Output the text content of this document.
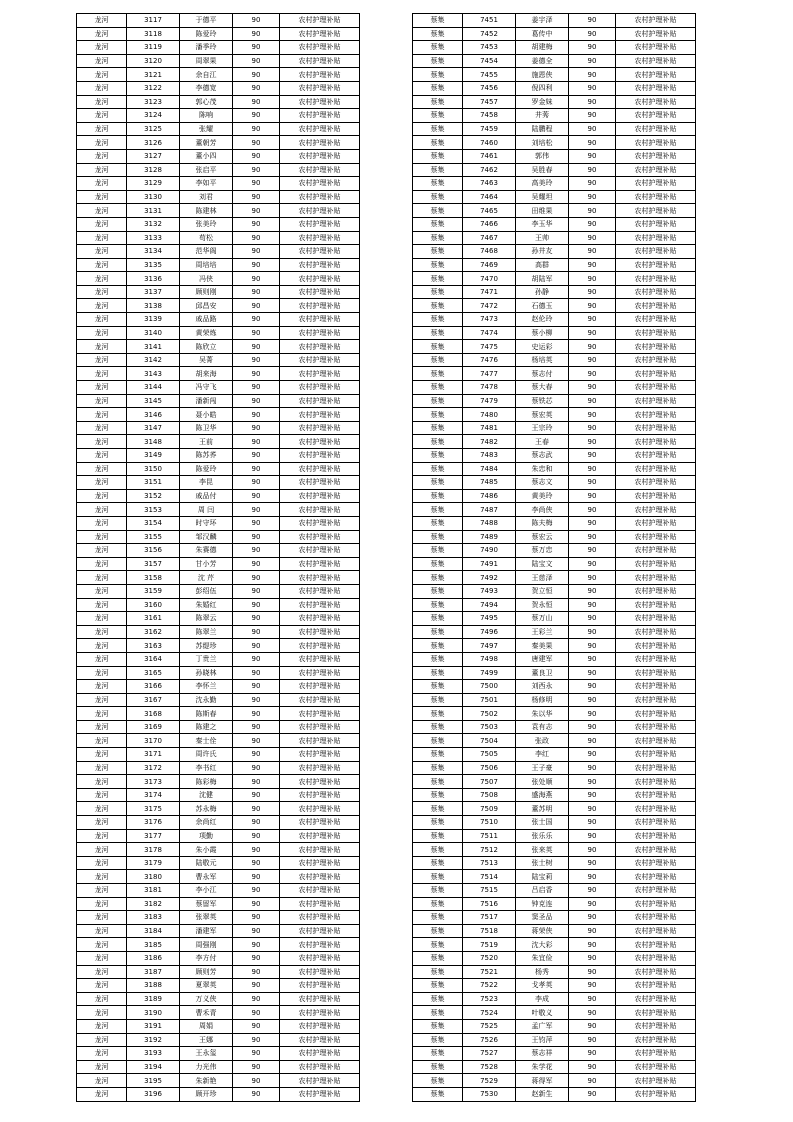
龙河	3117	于德平	90	农村护理补贴
龙河	3118	陈爱玲	90	农村护理补贴
龙河	3119	潘季玲	90	农村护理补贴
龙河	3120	周翠果	90	农村护理补贴
龙河	3121	余自江	90	农村护理补贴
龙河	3122	李德宽	90	农村护理补贴
龙河	3123	郭心茂	90	农村护理补贴
龙河	3124	陈响	90	农村护理补贴
龙河	3125	张耀	90	农村护理补贴
龙河	3126	董朝芳	90	农村护理补贴
龙河	3127	董小四	90	农村护理补贴
龙河	3128	张启平	90	农村护理补贴
龙河	3129	李如平	90	农村护理补贴
龙河	3130	刘君	90	农村护理补贴
龙河	3131	陈建林	90	农村护理补贴
龙河	3132	张美玲	90	农村护理补贴
龙河	3133	苟松	90	农村护理补贴
龙河	3134	范华阁	90	农村护理补贴
龙河	3135	周培培	90	农村护理补贴
龙河	3136	冯侠	90	农村护理补贴
龙河	3137	顾则刚	90	农村护理补贴
龙河	3138	邱昌安	90	农村护理补贴
龙河	3139	戚品路	90	农村护理补贴
龙河	3140	黄荣炼	90	农村护理补贴
龙河	3141	陈欣立	90	农村护理补贴
龙河	3142	吴菁	90	农村护理补贴
龙河	3143	胡来海	90	农村护理补贴
龙河	3144	冯守飞	90	农村护理补贴
龙河	3145	潘新闯	90	农村护理补贴
龙河	3146	聂小皓	90	农村护理补贴
龙河	3147	陈卫华	90	农村护理补贴
龙河	3148	王前	90	农村护理补贴
龙河	3149	陈苏荞	90	农村护理补贴
龙河	3150	陈爱玲	90	农村护理补贴
龙河	3151	李昆	90	农村护理补贴
龙河	3152	戚品付	90	农村护理补贴
龙河	3153	周 闫	90	农村护理补贴
龙河	3154	时守环	90	农村护理补贴
龙河	3155	邹汉麟	90	农村护理补贴
龙河	3156	朱赛德	90	农村护理补贴
龙河	3157	甘小芳	90	农村护理补贴
龙河	3158	沈 芹	90	农村护理补贴
龙河	3159	彭绍伍	90	农村护理补贴
龙河	3160	朱婚红	90	农村护理补贴
龙河	3161	陈翠云	90	农村护理补贴
龙河	3162	陈翠兰	90	农村护理补贴
龙河	3163	苏缇珍	90	农村护理补贴
龙河	3164	丁贵兰	90	农村护理补贴
龙河	3165	孙晓林	90	农村护理补贴
龙河	3166	李怀兰	90	农村护理补贴
龙河	3167	沈永勤	90	农村护理补贴
龙河	3168	陈斯春	90	农村护理补贴
龙河	3169	陈建之	90	农村护理补贴
龙河	3170	秦士佺	90	农村护理补贴
龙河	3171	周许氏	90	农村护理补贴
龙河	3172	李书红	90	农村护理补贴
龙河	3173	陈彩梅	90	农村护理补贴
龙河	3174	沈健	90	农村护理补贴
龙河	3175	苏永梅	90	农村护理补贴
龙河	3176	余尚红	90	农村护理补贴
龙河	3177	项勤	90	农村护理补贴
龙河	3178	朱小霞	90	农村护理补贴
龙河	3179	陆敬元	90	农村护理补贴
龙河	3180	曹永军	90	农村护理补贴
龙河	3181	李小江	90	农村护理补贴
龙河	3182	蔡留军	90	农村护理补贴
龙河	3183	张翠英	90	农村护理补贴
龙河	3184	潘建军	90	农村护理补贴
龙河	3185	周强刚	90	农村护理补贴
龙河	3186	李方付	90	农村护理补贴
龙河	3187	顾则芳	90	农村护理补贴
龙河	3188	夏翠英	90	农村护理补贴
龙河	3189	万义侠	90	农村护理补贴
龙河	3190	曹禾青	90	农村护理补贴
龙河	3191	周娟	90	农村护理补贴
龙河	3192	王娜	90	农村护理补贴
龙河	3193	王永玺	90	农村护理补贴
龙河	3194	力光伟	90	农村护理补贴
龙河	3195	朱新艳	90	农村护理补贴
龙河	3196	顾开珍	90	农村护理补贴
蔡集	7451	姜宇泽	90	农村护理补贴
蔡集	7452	葛传中	90	农村护理补贴
蔡集	7453	胡建梅	90	农村护理补贴
蔡集	7454	姜德全	90	农村护理补贴
蔡集	7455	施恩侠	90	农村护理补贴
蔡集	7456	倪四利	90	农村护理补贴
蔡集	7457	罗金妹	90	农村护理补贴
蔡集	7458	井莠	90	农村护理补贴
蔡集	7459	陆鹏程	90	农村护理补贴
蔡集	7460	刘培松	90	农村护理补贴
蔡集	7461	郭伟	90	农村护理补贴
蔡集	7462	吴胜春	90	农村护理补贴
蔡集	7463	高美玲	90	农村护理补贴
蔡集	7464	吴耀坦	90	农村护理补贴
蔡集	7465	田维果	90	农村护理补贴
蔡集	7466	李玉华	90	农村护理补贴
蔡集	7467	王帅	90	农村护理补贴
蔡集	7468	孙井友	90	农村护理补贴
蔡集	7469	高群	90	农村护理补贴
蔡集	7470	胡陆军	90	农村护理补贴
蔡集	7471	孙静	90	农村护理补贴
蔡集	7472	石德玉	90	农村护理补贴
蔡集	7473	赵伦玲	90	农村护理补贴
蔡集	7474	蔡小柳	90	农村护理补贴
蔡集	7475	史运彩	90	农村护理补贴
蔡集	7476	杨培英	90	农村护理补贴
蔡集	7477	蔡志付	90	农村护理补贴
蔡集	7478	蔡大春	90	农村护理补贴
蔡集	7479	蔡铁芯	90	农村护理补贴
蔡集	7480	蔡宏英	90	农村护理补贴
蔡集	7481	王宗玲	90	农村护理补贴
蔡集	7482	王春	90	农村护理补贴
蔡集	7483	蔡志武	90	农村护理补贴
蔡集	7484	朱忠和	90	农村护理补贴
蔡集	7485	蔡志文	90	农村护理补贴
蔡集	7486	黄美玲	90	农村护理补贴
蔡集	7487	李尚侠	90	农村护理补贴
蔡集	7488	陈夫梅	90	农村护理补贴
蔡集	7489	蔡宏云	90	农村护理补贴
蔡集	7490	蔡万忠	90	农村护理补贴
蔡集	7491	陆宝文	90	农村护理补贴
蔡集	7492	王慈泽	90	农村护理补贴
蔡集	7493	贺立恒	90	农村护理补贴
蔡集	7494	贺永恒	90	农村护理补贴
蔡集	7495	蔡万山	90	农村护理补贴
蔡集	7496	王彩兰	90	农村护理补贴
蔡集	7497	秦美果	90	农村护理补贴
蔡集	7498	唐建军	90	农村护理补贴
蔡集	7499	董良卫	90	农村护理补贴
蔡集	7500	刘西永	90	农村护理补贴
蔡集	7501	杨修明	90	农村护理补贴
蔡集	7502	朱以华	90	农村护理补贴
蔡集	7503	袁有志	90	农村护理补贴
蔡集	7504	张政	90	农村护理补贴
蔡集	7505	李红	90	农村护理补贴
蔡集	7506	王子豪	90	农村护理补贴
蔡集	7507	张处顺	90	农村护理补贴
蔡集	7508	盛海燕	90	农村护理补贴
蔡集	7509	董苏明	90	农村护理补贴
蔡集	7510	张士国	90	农村护理补贴
蔡集	7511	张乐乐	90	农村护理补贴
蔡集	7512	张来英	90	农村护理补贴
蔡集	7513	张士树	90	农村护理补贴
蔡集	7514	陆宝莉	90	农村护理补贴
蔡集	7515	吕启香	90	农村护理补贴
蔡集	7516	钟克连	90	农村护理补贴
蔡集	7517	窦圣品	90	农村护理补贴
蔡集	7518	蒋荣侠	90	农村护理补贴
蔡集	7519	沈大彩	90	农村护理补贴
蔡集	7520	朱宜俭	90	农村护理补贴
蔡集	7521	杨秀	90	农村护理补贴
蔡集	7522	戈孝英	90	农村护理补贴
蔡集	7523	李成	90	农村护理补贴
蔡集	7524	叶敬义	90	农村护理补贴
蔡集	7525	孟广军	90	农村护理补贴
蔡集	7526	王钧萍	90	农村护理补贴
蔡集	7527	蔡志祥	90	农村护理补贴
蔡集	7528	朱学花	90	农村护理补贴
蔡集	7529	蒋得军	90	农村护理补贴
蔡集	7530	赵新生	90	农村护理补贴
